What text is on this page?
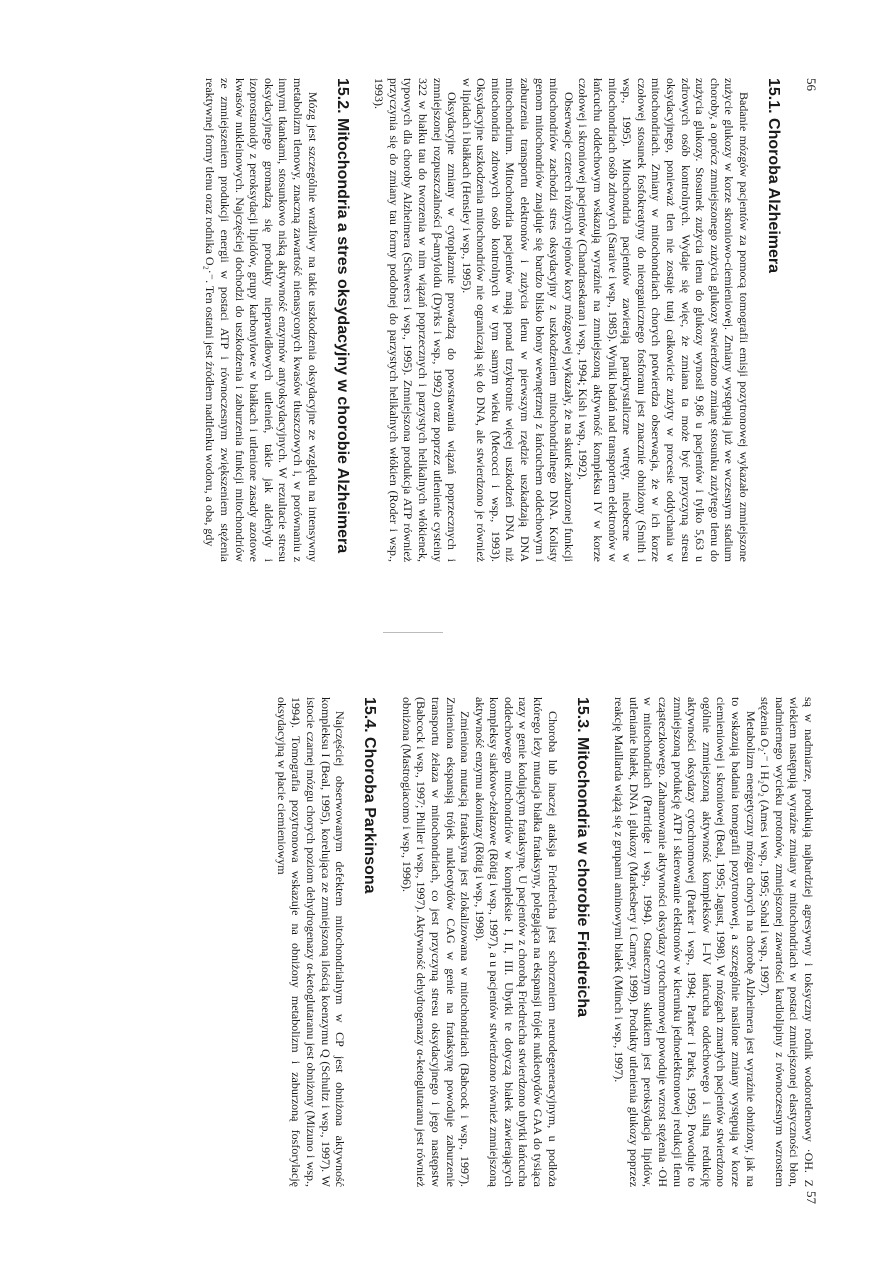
56
15.1. Choroba Alzheimera

Badanie mózgów pacjentów za pomocą tomografii emisji pozytronowej wykazało zmniejszone zużycie glukozy w korze skroniowo-ciemieniowej. Zmiany występują już we wczesnym stadium choroby, a oprócz zmniejszonego zużycia glukozy stwierdzono zmianę stosunku zużytego tlenu do zużycia glukozy. Stosunek zużycia tlenu do glukozy wynosił 9,86 u pacjentów i tylko 5,63 u zdrowych osób kontrolnych. Wydaje się więc, że zmiana ta może być przyczyną stresu oksydacyjnego, ponieważ tlen nie zostaje tutaj całkowicie zużyty w procesie oddychania w mitochondriach. Zmiany w mitochondriach chorych potwierdza obserwacja, że w ich korze czołowej stosunek fosfokreatyny do nieorganicznego fosforanu jest znacznie obniżony (Smith i wsp., 1995). Mitochondria pacjentów zawierają parakrystaliczne wtręty, nieobecne w mitochondriach osób zdrowych (Saraive i wsp., 1985). Wyniki badań nad transportem elektronów w łańcuchu oddechowym wskazują wyraźnie na zmniejszoną aktywność kompleksu IV w korze czołowej i skroniowej pacjentów (Chandrasekaran i wsp., 1994; Kish i wsp., 1992).

Obserwacje czterech różnych rejonów kory mózgowej wykazały, że na skutek zaburzonej funkcji mitochondriów zachodzi stres oksydacyjny z uszkodzeniem mitochondrialnego DNA. Kolisty genom mitochondriów znajduje się bardzo blisko błony wewnętrznej z łańcuchem oddechowym i zaburzenia transportu elektronów i zużycia tlenu w pierwszym rzędzie uszkadzają DNA mitochondrium. Mitochondria pacjentów mają ponad trzykrotnie więcej uszkodzeń DNA niż mitochondria zdrowych osób kontrolnych w tym samym wieku (Mecocci i wsp., 1993). Oksydacyjne uszkodzenia mitochondriów nie ograniczają się do DNA, ale stwierdzono je również w lipidach i białkach (Hensley i wsp., 1995).

Oksydacyjne zmiany w cytoplazmie prowadzą do powstawania wiązań poprzecznych i zmniejszonej rozpuszczalności β-amyloidu (Dyrks i wsp., 1992) oraz poprzez utlenienie cysteiny 322 w białku tau do tworzenia w nim wiązań poprzecznych i parzystych helikalnych włókienek, typowych dla choroby Alzheimera (Schweers i wsp., 1995). Zmniejszona produkcja ATP również przyczynia się do zmiany tau formy podobnej do parzystych helikalnych włókien (Roder i wsp., 1993).

15.2. Mitochondria a stres oksydacyjny w chorobie Alzheimera

Mózg jest szczególnie wrażliwy na takie uszkodzenia oksydacyjne ze względu na intensywny metabolizm tlenowy, znaczną zawartość nienasyconych kwasów tłuszczowych i, w porównaniu z innymi tkankami, stosunkowo niską aktywność enzymów antyoksydacyjnych. W rezultacie stresu oksydacyjnego gromadzą się produkty nieprawidłowych utlenień, takie jak aldehydy i izoprostanoidy z peroksydacji lipidów, grupy karbonylowe w białkach i utlenione zasady azotowe kwasów nukleinowych. Najczęściej dochodzi do uszkodzenia i zaburzenia funkcji mitochondriów ze zmniejszeniem produkcji energii w postaci ATP i równoczesnym zwiększeniem stężenia reaktywnej formy tlenu oraz rodnika O₂·⁻. Ten ostatni jest źródłem nadtlenku wodoru, a oba, gdy

57

są w nadmiarze, produkują najbardziej agresywny i toksyczny rodnik wodorotlenowy ·OH. Z wiekiem następują wyraźne zmiany w mitochondriach w postaci zmniejszonej elastyczności błon, nadmiernego wycieku protonów, zmniejszonej zawartości kardiolipiny z równoczesnym wzrostem stężenia O₂·⁻ i H₂O₂ (Ames i wsp., 1995; Sohal i wsp., 1997).

Metabolizm energetyczny mózgu chorych na chorobę Alzheimera jest wyraźnie obniżony, jak na to wskazują badania tomografii pozytronowej, a szczególnie nasilone zmiany występują w korze ciemieniowej i skroniowej (Beal, 1995; Jagust, 1998). W mózgach zmarłych pacjentów stwierdzono ogólnie zmniejszoną aktywność kompleksów I–IV łańcucha oddechowego i silną redukcję aktywności oksydazy cytochromowej (Parker i wsp., 1994; Parker i Parks, 1995). Powoduje to zmniejszoną produkcję ATP i skierowanie elektronów w kierunku jednoelektronowej redukcji tlenu cząsteczkowego. Zahamowanie aktywności oksydazy cytochromowej powoduje wzrost stężenia ·OH w mitochondriach (Partridge i wsp., 1994). Ostatecznym skutkiem jest peroksydacja lipidów, utlenianie białek, DNA i glukozy (Markesbery i Carney, 1999). Produkty utlenienia glukozy poprzez reakcję Maillarda wiążą się z grupami aminowymi białek (Münch i wsp., 1997).

15.3. Mitochondria w chorobie Friedreicha

Choroba lub inaczej ataksja Friedreicha jest schorzeniem neurodegeneracyjnym, u podłoża którego leży mutacja białka frataksyny, polegająca na ekspansji trójek nukleotydów GAA do tysiąca razy w genie kodującym frataksynę. U pacjentów z chorobą Friedreicha stwierdzono ubytki łańcucha oddechowego mitochondriów w kompleksie I, II, III. Ubytki te dotyczą białek zawierających kompleksy siarkowo-żelazowe (Rötig i wsp., 1997), a u pacjentów stwierdzono również zmniejszoną aktywność enzymu akonitazy (Rötig i wsp., 1998).

Zmieniona mutacją frataksyna jest zlokalizowana w mitochondriach (Babcock i wsp., 1997). Zmieniona ekspansją trójek nukleotydów CAG w genie na frataksynę powoduje zaburzenie transportu żelaza w mitochondriach, co jest przyczyną stresu oksydacyjnego i jego następstw (Babcock i wsp., 1997; Philler i wsp., 1997). Aktywność dehydrogenazy α-ketoglutaranu jest również obniżona (Mastrogiacomo i wsp., 1996).

15.4. Choroba Parkinsona

Najczęściej obserwowanym defektem mitochondrialnym w CP jest obniżona aktywność kompleksu I (Beal, 1995), korelująca ze zmniejszoną ilością koenzymu Q (Schultz i wsp., 1997). W istocie czarnej mózgu chorych poziom dehydrogenazy α-ketoglutaranu jest obniżony (Mizuno i wsp., 1994). Tomografia pozytronowa wskazuje na obniżony metabolizm i zaburzoną fosforylację oksydacyjną w płacie ciemieniowym
